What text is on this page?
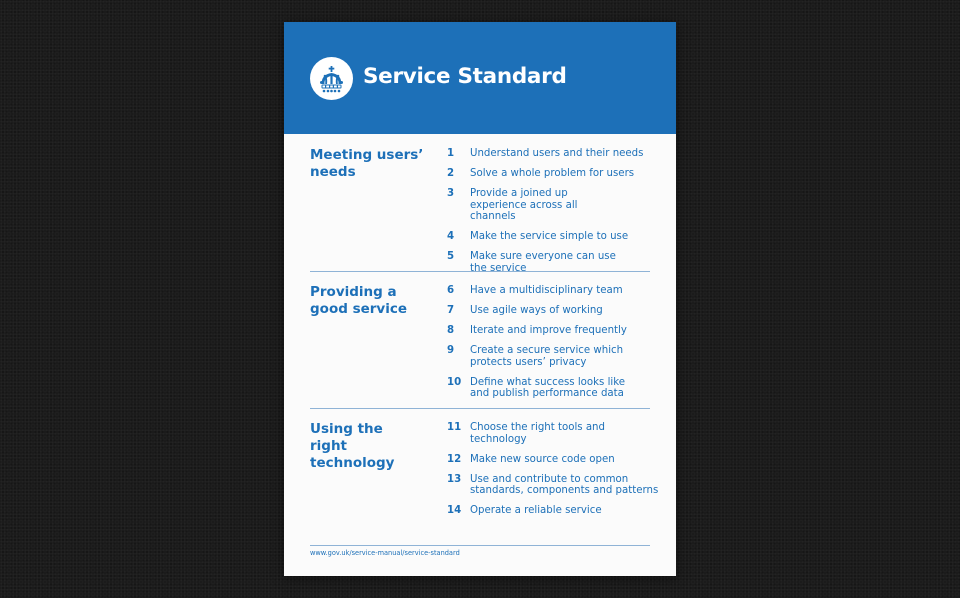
Service Standard
Meeting users’ needs
1 Understand users and their needs
2 Solve a whole problem for users
3 Provide a joined up experience across all channels
4 Make the service simple to use
5 Make sure everyone can use the service
Providing a good service
6 Have a multidisciplinary team
7 Use agile ways of working
8 Iterate and improve frequently
9 Create a secure service which protects users’ privacy
10 Define what success looks like and publish performance data
Using the right technology
11 Choose the right tools and technology
12 Make new source code open
13 Use and contribute to common standards, components and patterns
14 Operate a reliable service
www.gov.uk/service-manual/service-standard
